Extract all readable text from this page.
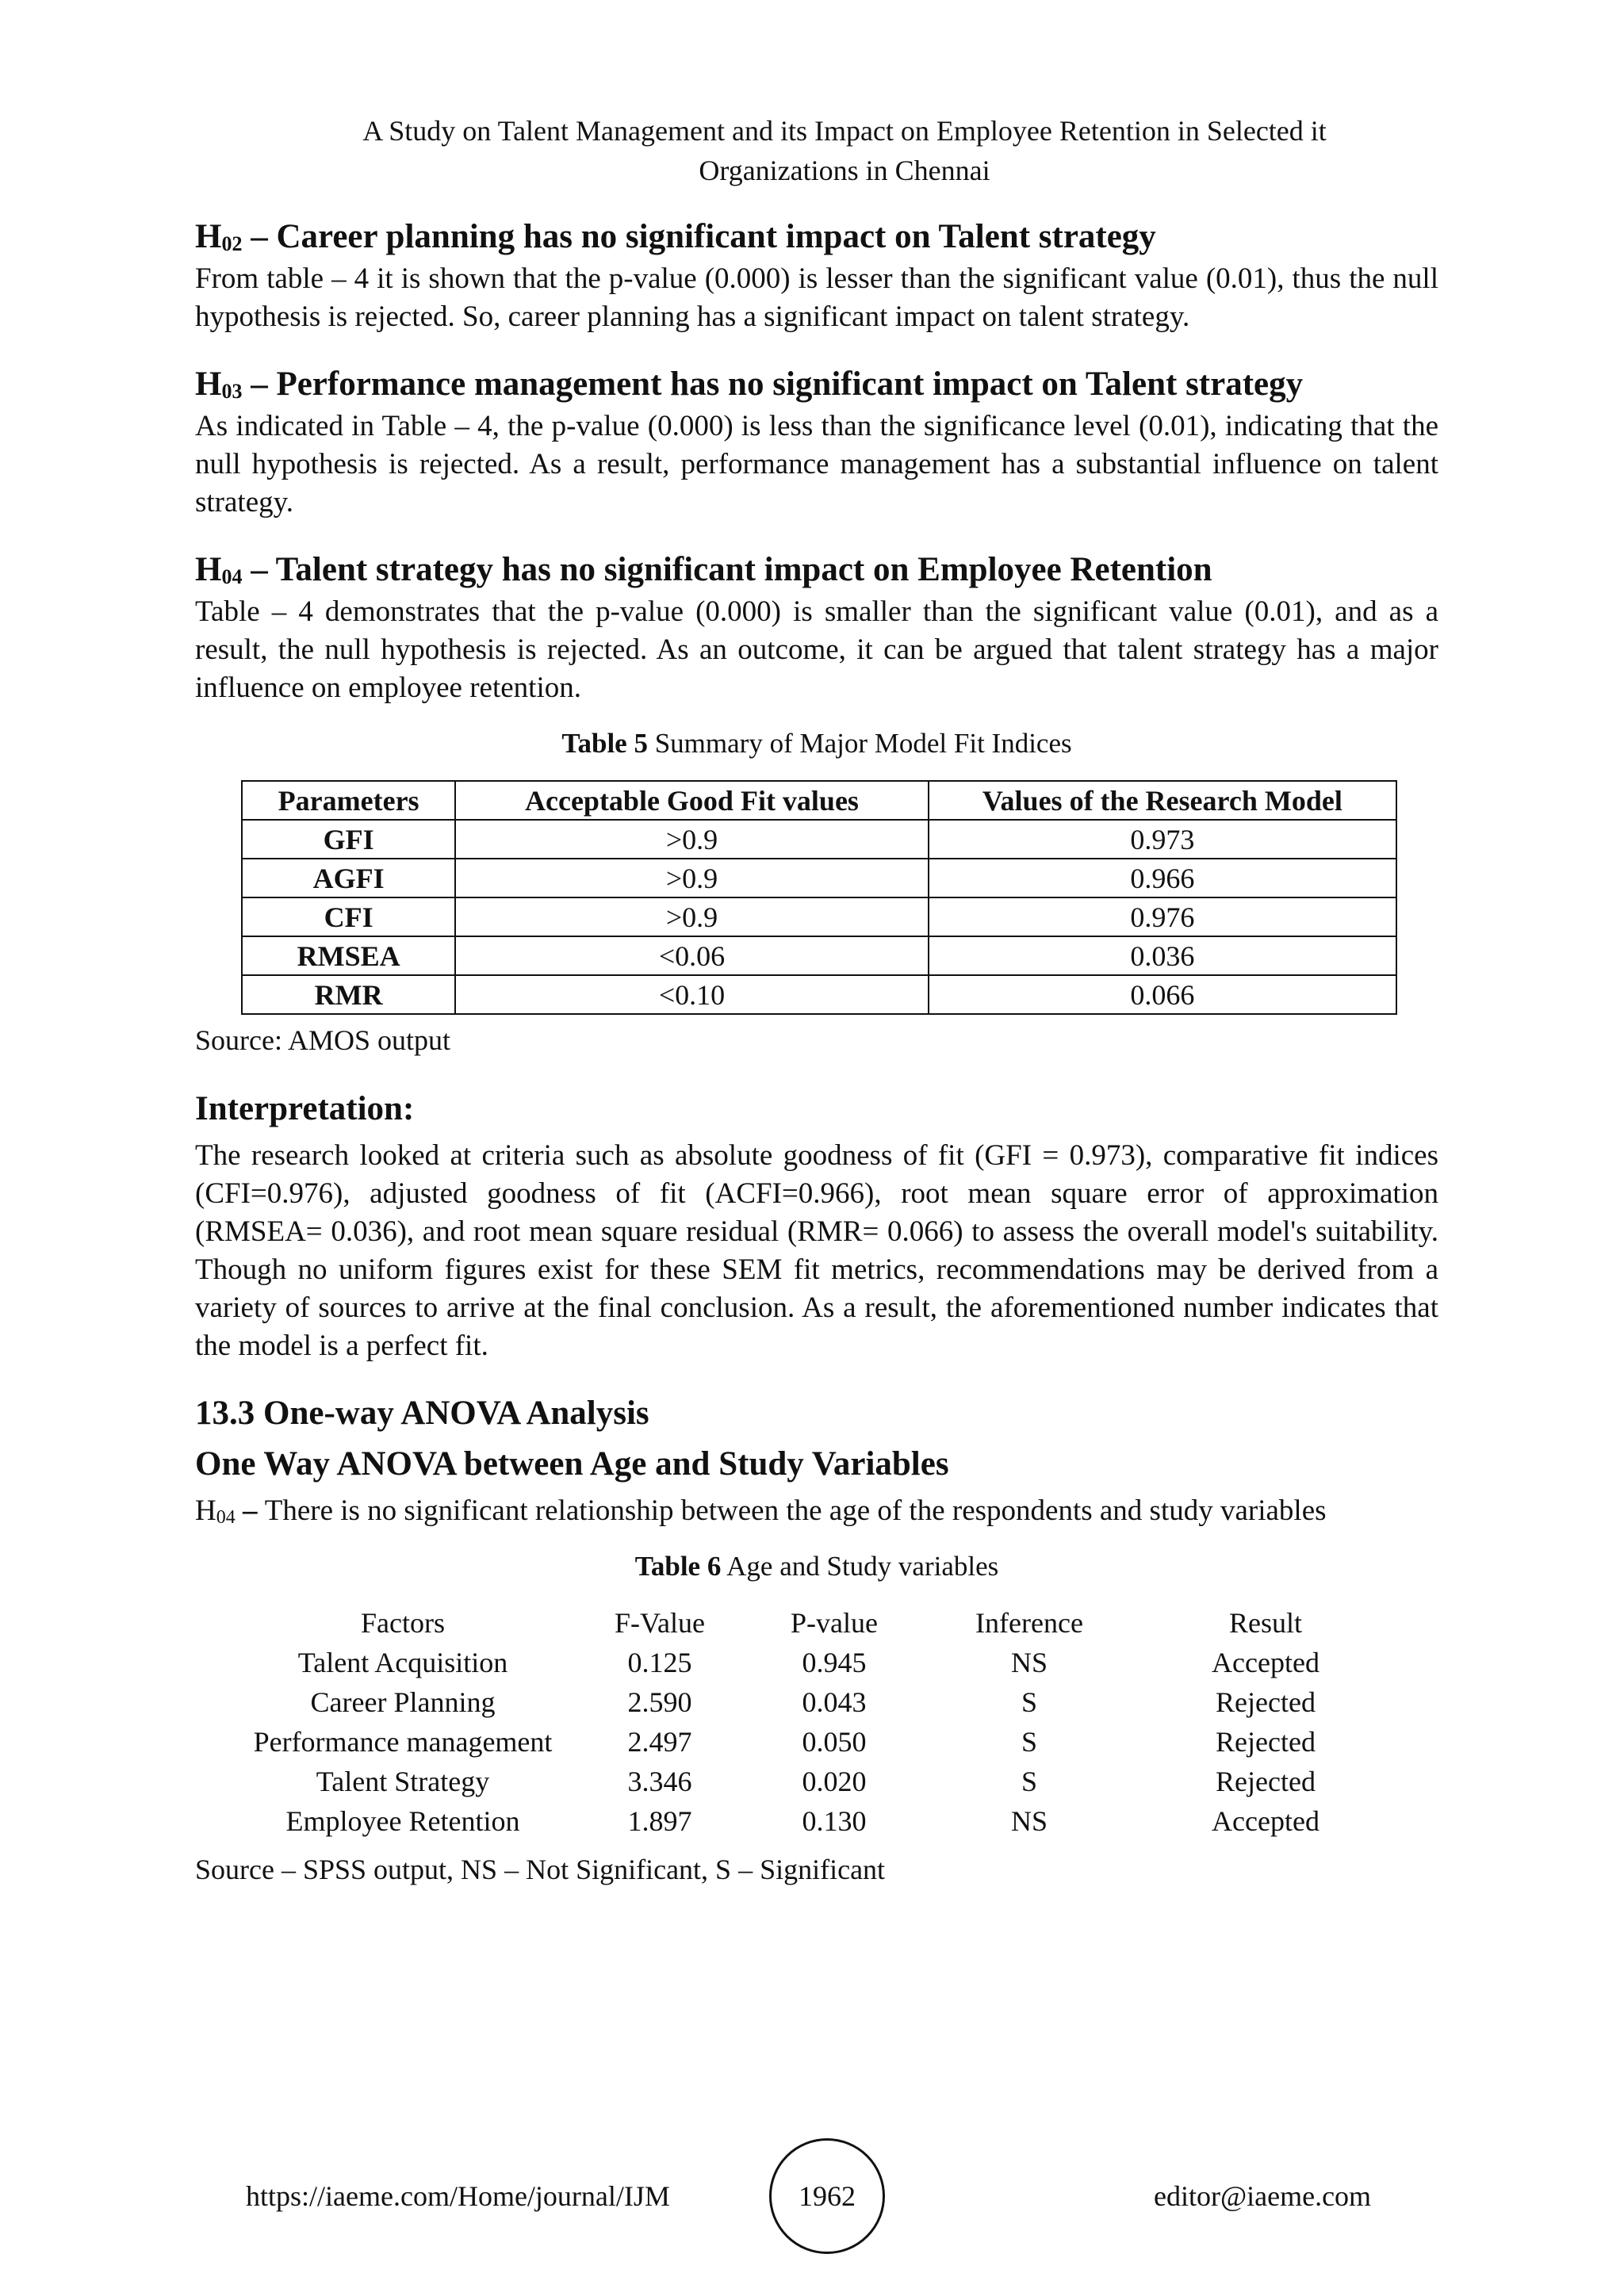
A Study on Talent Management and its Impact on Employee Retention in Selected it
Organizations in Chennai
$H_{02}$ – Career planning has no significant impact on Talent strategy

From table – 4 it is shown that the p-value (0.000) is lesser than the significant value (0.01), thus the null hypothesis is rejected. So, career planning has a significant impact on talent strategy.

$H_{03}$ – Performance management has no significant impact on Talent strategy

As indicated in Table – 4, the p-value (0.000) is less than the significance level (0.01), indicating that the null hypothesis is rejected. As a result, performance management has a substantial influence on talent strategy.

$H_{04}$ – Talent strategy has no significant impact on Employee Retention

Table – 4 demonstrates that the p-value (0.000) is smaller than the significant value (0.01), and as a result, the null hypothesis is rejected. As an outcome, it can be argued that talent strategy has a major influence on employee retention.

Table 5 Summary of Major Model Fit Indices
Parameters	Acceptable Good Fit values	Values of the Research Model
GFI	>0.9	0.973
AGFI	>0.9	0.966
CFI	>0.9	0.976
RMSEA	<0.06	0.036
RMR	<0.10	0.066
Source: AMOS output
Interpretation:

The research looked at criteria such as absolute goodness of fit (GFI = 0.973), comparative fit indices (CFI=0.976), adjusted goodness of fit (ACFI=0.966), root mean square error of approximation (RMSEA= 0.036), and root mean square residual (RMR= 0.066) to assess the overall model's suitability. Though no uniform figures exist for these SEM fit metrics, recommendations may be derived from a variety of sources to arrive at the final conclusion. As a result, the aforementioned number indicates that the model is a perfect fit.

13.3 One-way ANOVA Analysis
One Way ANOVA between Age and Study Variables
$H_{04}$ – There is no significant relationship between the age of the respondents and study variables
Table 6 Age and Study variables
Factors	F-Value	P-value	Inference	Result
Talent Acquisition	0.125	0.945	NS	Accepted
Career Planning	2.590	0.043	S	Rejected
Performance management	2.497	0.050	S	Rejected
Talent Strategy	3.346	0.020	S	Rejected
Employee Retention	1.897	0.130	NS	Accepted
Source – SPSS output, NS – Not Significant, S – Significant
https://iaeme.com/Home/journal/IJM	1962	editor@iaeme.com
